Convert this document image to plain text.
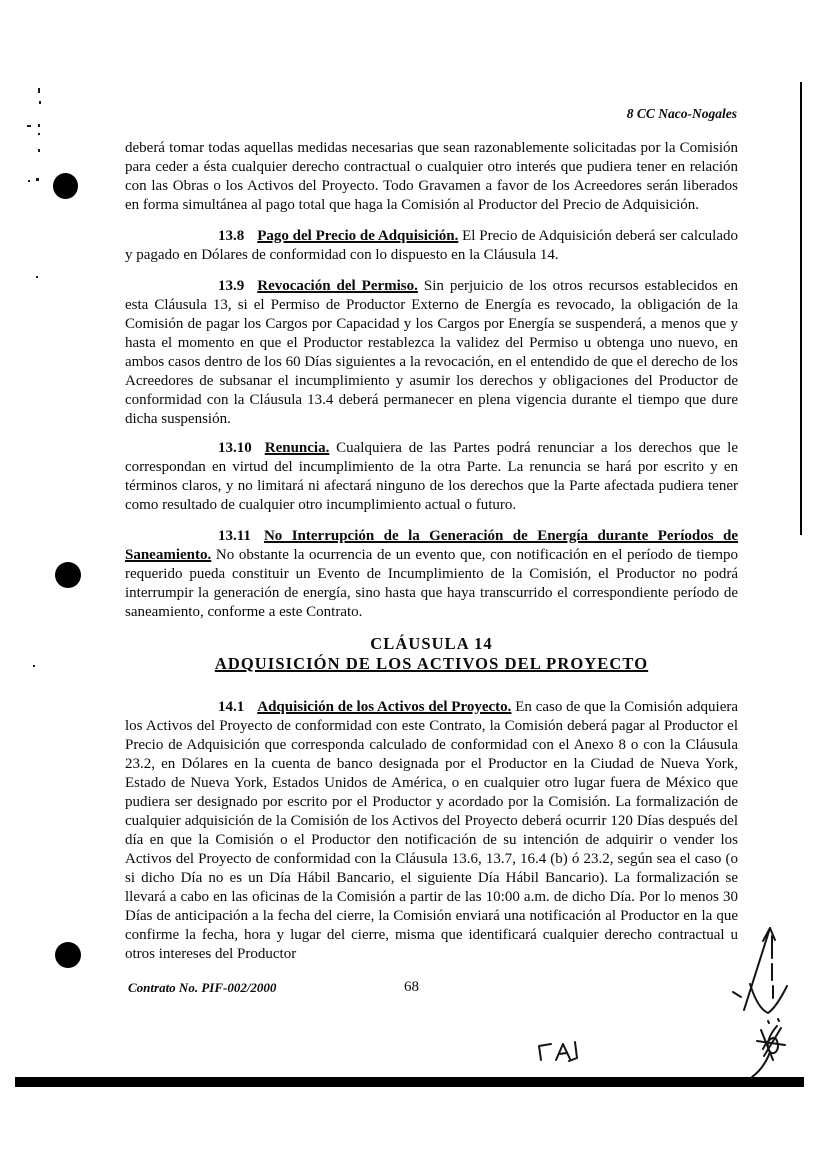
8 CC Naco-Nogales

deberá tomar todas aquellas medidas necesarias que sean razonablemente solicitadas por la Comisión para ceder a ésta cualquier derecho contractual o cualquier otro interés que pudiera tener en relación con las Obras o los Activos del Proyecto. Todo Gravamen a favor de los Acreedores serán liberados en forma simultánea al pago total que haga la Comisión al Productor del Precio de Adquisición.

13.8 Pago del Precio de Adquisición. El Precio de Adquisición deberá ser calculado y pagado en Dólares de conformidad con lo dispuesto en la Cláusula 14.

13.9 Revocación del Permiso. Sin perjuicio de los otros recursos establecidos en esta Cláusula 13, si el Permiso de Productor Externo de Energía es revocado, la obligación de la Comisión de pagar los Cargos por Capacidad y los Cargos por Energía se suspenderá, a menos que y hasta el momento en que el Productor restablezca la validez del Permiso u obtenga uno nuevo, en ambos casos dentro de los 60 Días siguientes a la revocación, en el entendido de que el derecho de los Acreedores de subsanar el incumplimiento y asumir los derechos y obligaciones del Productor de conformidad con la Cláusula 13.4 deberá permanecer en plena vigencia durante el tiempo que dure dicha suspensión.

13.10 Renuncia. Cualquiera de las Partes podrá renunciar a los derechos que le correspondan en virtud del incumplimiento de la otra Parte. La renuncia se hará por escrito y en términos claros, y no limitará ni afectará ninguno de los derechos que la Parte afectada pudiera tener como resultado de cualquier otro incumplimiento actual o futuro.

13.11 No Interrupción de la Generación de Energía durante Períodos de Saneamiento. No obstante la ocurrencia de un evento que, con notificación en el período de tiempo requerido pueda constituir un Evento de Incumplimiento de la Comisión, el Productor no podrá interrumpir la generación de energía, sino hasta que haya transcurrido el correspondiente período de saneamiento, conforme a este Contrato.

CLÁUSULA 14
ADQUISICIÓN DE LOS ACTIVOS DEL PROYECTO

14.1 Adquisición de los Activos del Proyecto. En caso de que la Comisión adquiera los Activos del Proyecto de conformidad con este Contrato, la Comisión deberá pagar al Productor el Precio de Adquisición que corresponda calculado de conformidad con el Anexo 8 o con la Cláusula 23.2, en Dólares en la cuenta de banco designada por el Productor en la Ciudad de Nueva York, Estado de Nueva York, Estados Unidos de América, o en cualquier otro lugar fuera de México que pudiera ser designado por escrito por el Productor y acordado por la Comisión. La formalización de cualquier adquisición de la Comisión de los Activos del Proyecto deberá ocurrir 120 Días después del día en que la Comisión o el Productor den notificación de su intención de adquirir o vender los Activos del Proyecto de conformidad con la Cláusula 13.6, 13.7, 16.4 (b) ó 23.2, según sea el caso (o si dicho Día no es un Día Hábil Bancario, el siguiente Día Hábil Bancario). La formalización se llevará a cabo en las oficinas de la Comisión a partir de las 10:00 a.m. de dicho Día. Por lo menos 30 Días de anticipación a la fecha del cierre, la Comisión enviará una notificación al Productor en la que confirme la fecha, hora y lugar del cierre, misma que identificará cualquier derecho contractual u otros intereses del Productor

Contrato No. PIF-002/2000	68
